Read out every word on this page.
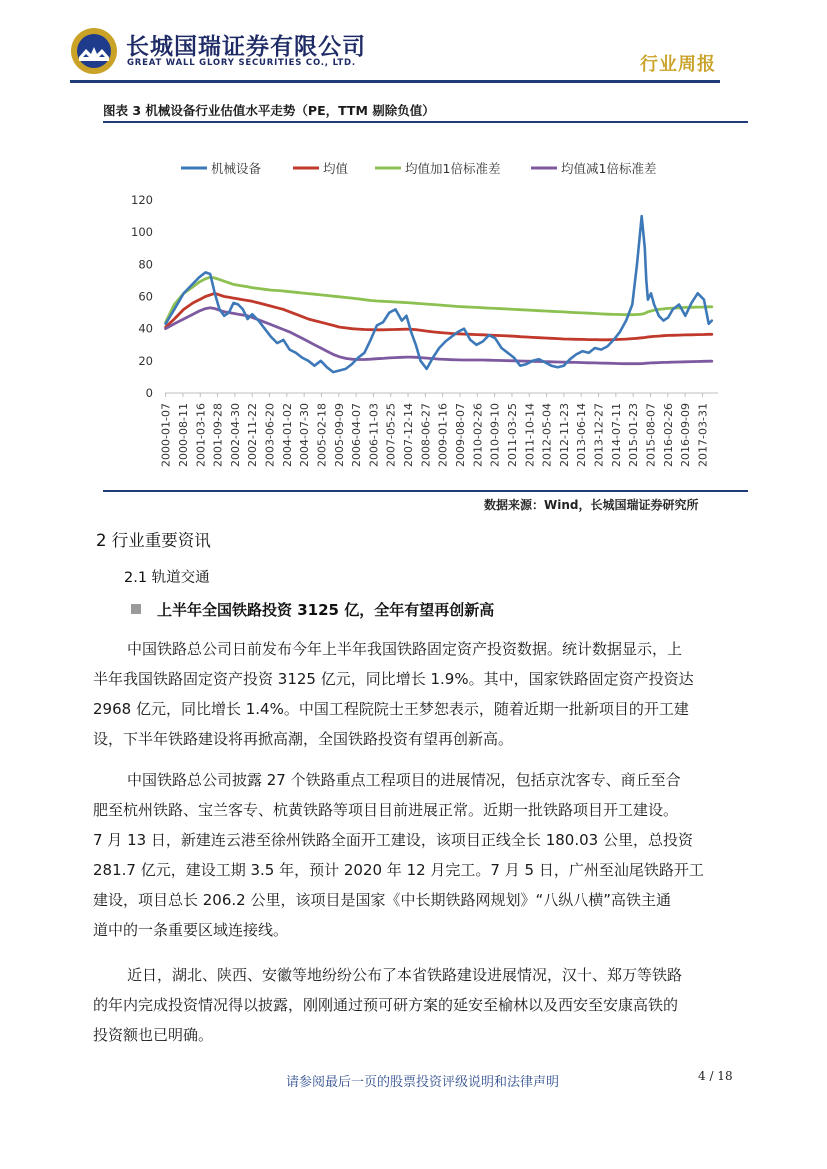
长城国瑞证券有限公司
GREAT WALL GLORY SECURITIES CO., LTD.	行业周报
图表 3 机械设备行业估值水平走势（PE，TTM 剔除负值）
机械设备	均值	均值加1倍标准差	均值减1倍标准差
0
20
40
60
80
100
120
2000-01-07 2000-08-11 2001-03-16 2001-09-28 2002-04-30 2002-11-22 2003-06-20 2004-01-02 2004-07-30 2005-02-18 2005-09-09 2006-04-07 2006-11-03 2007-05-25 2007-12-14 2008-06-27 2009-01-16 2009-08-07 2010-02-26 2010-09-10 2011-03-25 2011-10-14 2012-05-04 2012-11-23 2013-06-14 2013-12-27 2014-07-11 2015-01-23 2015-08-07 2016-02-26 2016-09-09 2017-03-31
数据来源：Wind，长城国瑞证券研究所
2 行业重要资讯
2.1 轨道交通
上半年全国铁路投资 3125 亿，全年有望再创新高
中国铁路总公司日前发布今年上半年我国铁路固定资产投资数据。统计数据显示，上
半年我国铁路固定资产投资 3125 亿元，同比增长 1.9%。其中，国家铁路固定资产投资达
2968 亿元，同比增长 1.4%。中国工程院院士王梦恕表示，随着近期一批新项目的开工建
设，下半年铁路建设将再掀高潮，全国铁路投资有望再创新高。
中国铁路总公司披露 27 个铁路重点工程项目的进展情况，包括京沈客专、商丘至合
肥至杭州铁路、宝兰客专、杭黄铁路等项目目前进展正常。近期一批铁路项目开工建设。
7 月 13 日，新建连云港至徐州铁路全面开工建设，该项目正线全长 180.03 公里，总投资
281.7 亿元，建设工期 3.5 年，预计 2020 年 12 月完工。7 月 5 日，广州至汕尾铁路开工
建设，项目总长 206.2 公里，该项目是国家《中长期铁路网规划》“八纵八横”高铁主通
道中的一条重要区域连接线。
近日，湖北、陕西、安徽等地纷纷公布了本省铁路建设进展情况，汉十、郑万等铁路
的年内完成投资情况得以披露，刚刚通过预可研方案的延安至榆林以及西安至安康高铁的
投资额也已明确。
请参阅最后一页的股票投资评级说明和法律声明	4 / 18
